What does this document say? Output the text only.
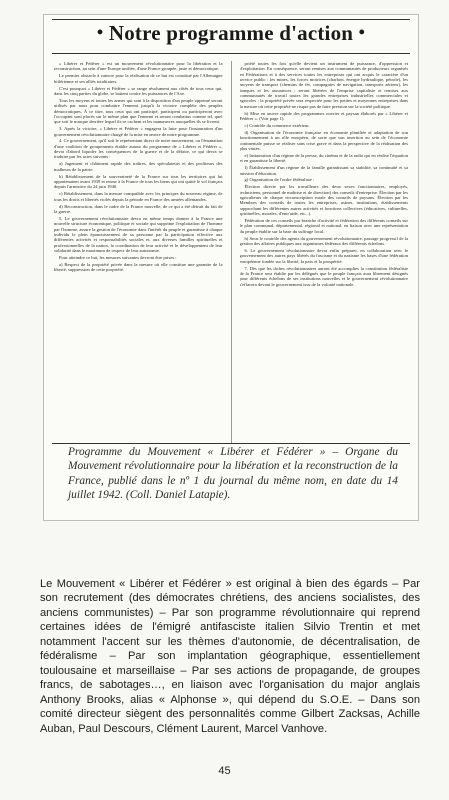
• Notre programme d'action •

« Libérer et Fédérer » est un mouvement révolutionnaire pour la libération et la reconstruction, au sein d'une Europe unifiée, d'une France groupée, juste et démocratique.

Le premier obstacle à vaincre pour la réalisation de ce but est constitué par l'Allemagne hitlérienne et ses alliés totalitaires.

C'est pourquoi « Libérer et Fédérer » se range résolument aux côtés de tous ceux qui, dans les cinq parties du globe, se battent contre les puissances de l'Axe.

Tous les moyens et toutes les armes qui sont à la disposition d'un peuple opprimé seront utilisés par nous pour combattre l'ennemi jusqu'à la victoire complète des peuples démocratiques. À ce titre, tous ceux qui ont participé, participent ou participeront avec l'occupant sont placés sur le même plan que l'ennemi et seront combattus comme tel, quel que soit le masque derrière lequel ils se cachent et les manœuvres auxquelles ils se livrent.

3. Après la victoire, « Libérer et Fédérer » engagera la lutte pour l'instauration d'un gouvernement révolutionnaire chargé de la mise en œuvre de notre programme.

4. Ce gouvernement, qu'il soit le représentant direct de notre mouvement, ou l'émanation d'une coalition de groupements établie autour du programme de « Libérer et Fédérer », devra d'abord liquider les conséquences de la guerre et de la défaite, ce qui devra se traduire par les actes suivants :

a) Jugement et châtiment rapide des traîtres, des spéculateurs et des profiteurs des malheurs de la patrie.

b) Rétablissement de la souveraineté de la France sur tous les territoires qui lui appartenaient avant 1939 et retour à la France de tous les biens qui ont quitté le sol français depuis l'armistice du 24 juin 1940.

c) Rétablissement, dans la mesure compatible avec les principes du nouveau régime, de tous les droits et libertés violés depuis la période en France des armées allemandes.

d) Reconstruction, dans le cadre de la France nouvelle, de ce qui a été détruit du fait de la guerre.

5. Le gouvernement révolutionnaire devra en même temps donner à la France une nouvelle structure économique, politique et sociale qui supprime l'exploitation de l'homme par l'homme, assure la gestion de l'économie dans l'intérêt du peuple et garantisse à chaque individu le plein épanouissement de sa personne par la participation effective aux différentes activités et responsabilités sociales et, aux diverses familles spirituelles et professionnelles de la nation, la coordination de leur activité et le développement de leur solidarité dans le maximum de respect de leur autonomie.

Pour atteindre ce but, les mesures suivantes devront être prises :

a) Respect de la propriété privée dans la mesure où elle constitue une garantie de la liberté, suppression de cette propriété.

priété toutes les fois qu'elle devient un instrument de puissance, d'oppression et d'exploitation. En conséquence, seront remises aux communautés de producteurs organisés en Fédérations et à des services toutes les entreprises qui ont acquis le caractère d'un service public : les mines, les forces motrices (charbon, énergie hydraulique, pétrole), les moyens de transport (chemins de fer, compagnies de navigation, transports aériens), les banques et les assurances ; seront libérées de l'emprise capitaliste et remises aux communautés de travail toutes les grandes entreprises industrielles commerciales et agricoles ; la propriété privée sera respectée pour les petites et moyennes entreprises dans la mesure où cette propriété ne risque pas de faire pression sur la société politique.

b) Mise en œuvre rapide des programmes ouvrier et paysan élaborés par « Libérer et Fédérer ». (Voir page 1).

c) Contrôle du commerce extérieur.

d) Organisation de l'économie française en économie planifiée et adaptation de son fonctionnement à un rôle européen, de sorte que son insertion au sein de l'économie continentale puisse se réaliser sans crise grave et dans la perspective de la réalisation des plus vastes.

e) Instauration d'un régime de la presse, du cinéma et de la radio qui en réalise l'équation et en garantisse la liberté.

f) Établissement d'un régime de la famille garantissant sa stabilité, sa continuité et sa mission d'éducation.

g) Organisation de l'ordre fédéraliste :

Élection directe par les travailleurs des deux sexes fonctionnaires, employés, techniciens, personnel de maîtrise et de direction) des conseils d'entreprise. Élection par les agriculteurs de chaque circonscription rurale des conseils de paysans. Élection par les Membres des conseils de toutes les entreprises, usines, institutions, établissements rapprochant les différentes autres activités et fonctions collectives (éducatives, culturelles, spirituelles, morales, d'entr'aide, etc...).

Fédération de ces conseils par branche d'activité et fédération des différents conseils sur le plan communal, départemental, régional et national, en liaison avec une représentation du peuple établie sur la base du suffrage local.

h) Sous le contrôle des agents du gouvernement révolutionnaire, passage progressif de la gestion des affaires publiques aux organismes fédéraux des différents échelons.

6. Le gouvernement révolutionnaire devra enfin préparer, en collaboration avec le gouvernement des autres pays libérés du fascisme et du nazisme les bases d'une fédération européenne fondée sur la liberté, la paix et la prospérité.

7. Dès que les tâches révolutionnaires auront été accomplies la constitution fédéraliste de la France sera établie par les délégués que le peuple français aura librement désignés pour différents échelons de ses institutions nouvelles et le gouvernement révolutionnaire s'effacera devant le gouvernement issu de la volonté nationale.

Programme du Mouvement « Libérer et Fédérer » – Organe du Mouvement révolutionnaire pour la libération et la reconstruction de la France, publié dans le nº 1 du journal du même nom, en date du 14 juillet 1942. (Coll. Daniel Latapie).
Le Mouvement « Libérer et Fédérer » est original à bien des égards – Par son recrutement (des démocrates chrétiens, des anciens socialistes, des anciens communistes) – Par son programme révolutionnaire qui reprend certaines idées de l'émigré antifasciste italien Silvio Trentin et met notamment l'accent sur les thèmes d'autonomie, de décentralisation, de fédéralisme – Par son implantation géographique, essentiellement toulousaine et marseillaise – Par ses actions de propagande, de groupes francs, de sabotages…, en liaison avec l'organisation du major anglais Anthony Brooks, alias « Alphonse », qui dépend du S.O.E. – Dans son comité directeur siègent des personnalités comme Gilbert Zacksas, Achille Auban, Paul Descours, Clément Laurent, Marcel Vanhove.
45
